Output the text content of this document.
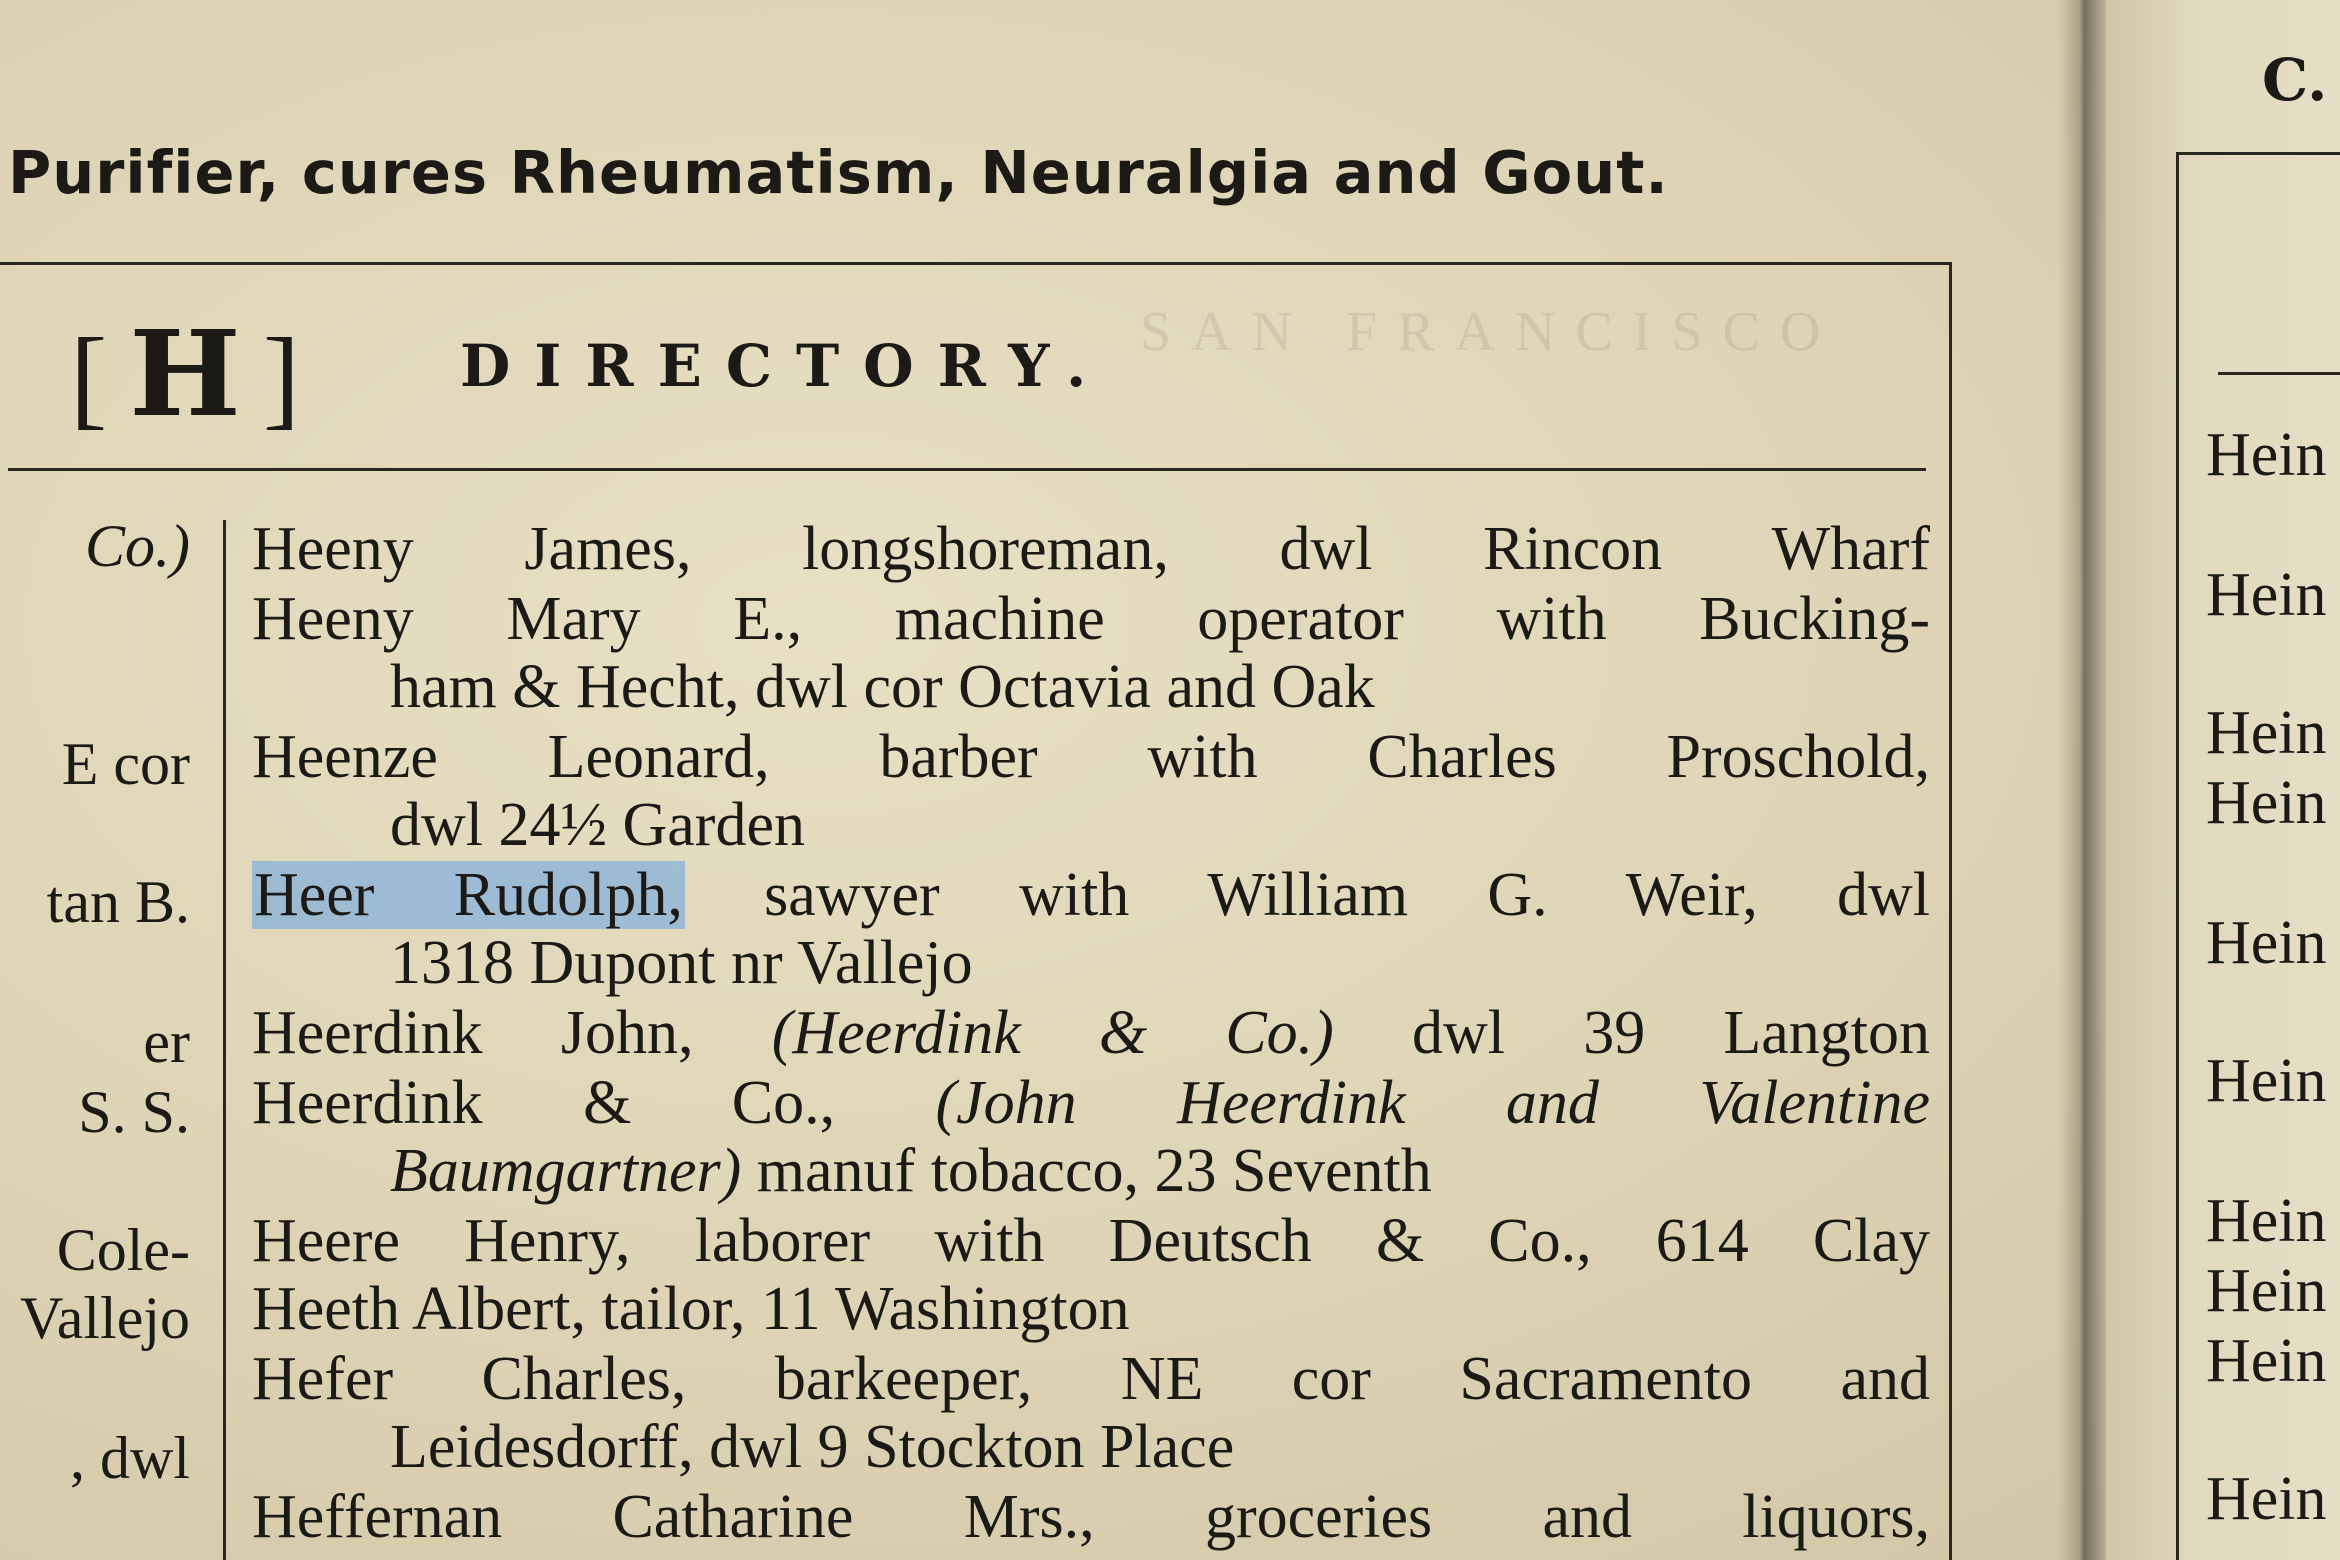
SAN FRANCISCO
Purifier, cures Rheumatism, Neuralgia and Gout.
[ H ]	DIRECTORY.
Co.)
E cor
tan B.
er
S. S.
Cole-
Vallejo
, dwl
Heeny James, longshoreman, dwl Rincon Wharf
Heeny Mary E., machine operator with Bucking-
ham & Hecht, dwl cor Octavia and Oak
Heenze Leonard, barber with Charles Proschold,
dwl 24½ Garden
Heer Rudolph, sawyer with William G. Weir, dwl
1318 Dupont nr Vallejo
Heerdink John, (Heerdink & Co.) dwl 39 Langton
Heerdink & Co., (John Heerdink and Valentine
Baumgartner) manuf tobacco, 23 Seventh
Heere Henry, laborer with Deutsch & Co., 614 Clay
Heeth Albert, tailor, 11 Washington
Hefer Charles, barkeeper, NE cor Sacramento and
Leidesdorff, dwl 9 Stockton Place
Heffernan Catharine Mrs., groceries and liquors,
C.
Hein
Hein
Hein
Hein
Hein
Hein
Hein
Hein
Hein
Hein
